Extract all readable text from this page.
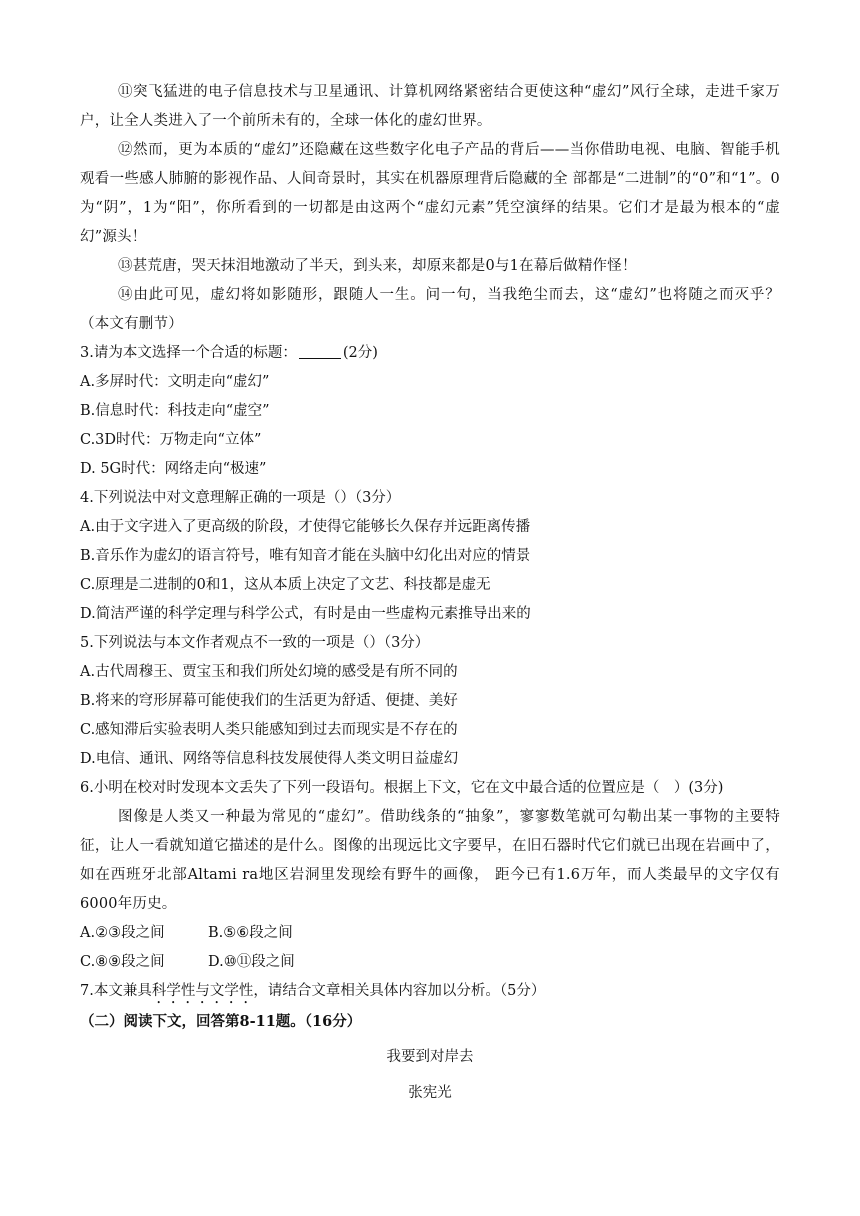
⑪突飞猛进的电子信息技术与卫星通讯、计算机网络紧密结合更使这种“虚幻”风行全球，走进千家万户，让全人类进入了一个前所未有的，全球一体化的虚幻世界。

⑫然而，更为本质的“虚幻”还隐藏在这些数字化电子产品的背后——当你借助电视、电脑、智能手机观看一些感人肺腑的影视作品、人间奇景时，其实在机器原理背后隐藏的全 部都是“二进制”的“0”和“1”。0为“阴”，1为“阳”，你所看到的一切都是由这两个“虚幻元素”凭空演绎的结果。它们才是最为根本的“虚幻”源头！

⑬甚荒唐，哭天抹泪地激动了半天，到头来，却原来都是0与1在幕后做精作怪！

⑭由此可见，虚幻将如影随形，跟随人一生。问一句，当我绝尘而去，这“虚幻”也将随之而灭乎？（本文有删节）

3.请为本文选择一个合适的标题：	(2分)

A.多屏时代：文明走向“虚幻”

B.信息时代：科技走向“虚空”

C.3D时代：万物走向“立体”

D. 5G时代：网络走向“极速”

4.下列说法中对文意理解正确的一项是（）（3分）

A.由于文字进入了更高级的阶段，才使得它能够长久保存并远距离传播

B.音乐作为虚幻的语言符号，唯有知音才能在头脑中幻化出对应的情景

C.原理是二进制的0和1，这从本质上决定了文艺、科技都是虚无

D.简洁严谨的科学定理与科学公式，有时是由一些虚构元素推导出来的

5.下列说法与本文作者观点不一致的一项是（）（3分）

A.古代周穆王、贾宝玉和我们所处幻境的感受是有所不同的

B.将来的穹形屏幕可能使我们的生活更为舒适、便捷、美好

C.感知滞后实验表明人类只能感知到过去而现实是不存在的

D.电信、通讯、网络等信息科技发展使得人类文明日益虚幻

6.小明在校对时发现本文丢失了下列一段语句。根据上下文，它在文中最合适的位置应是（　）(3分)

图像是人类又一种最为常见的“虚幻”。借助线条的“抽象”，寥寥数笔就可勾勒出某一事物的主要特征，让人一看就知道它描述的是什么。图像的出现远比文字要早，在旧石器时代它们就已出现在岩画中了，如在西班牙北部Altami ra地区岩洞里发现绘有野牛的画像， 距今已有1.6万年，而人类最早的文字仅有6000年历史。

A.②③段之间	B.⑤⑥段之间

C.⑧⑨段之间	D.⑩⑪段之间

7.本文兼具科学性与文学性，请结合文章相关具体内容加以分析。（5分）

（二）阅读下文，回答第8-11题。（16分）

我要到对岸去

张宪光
